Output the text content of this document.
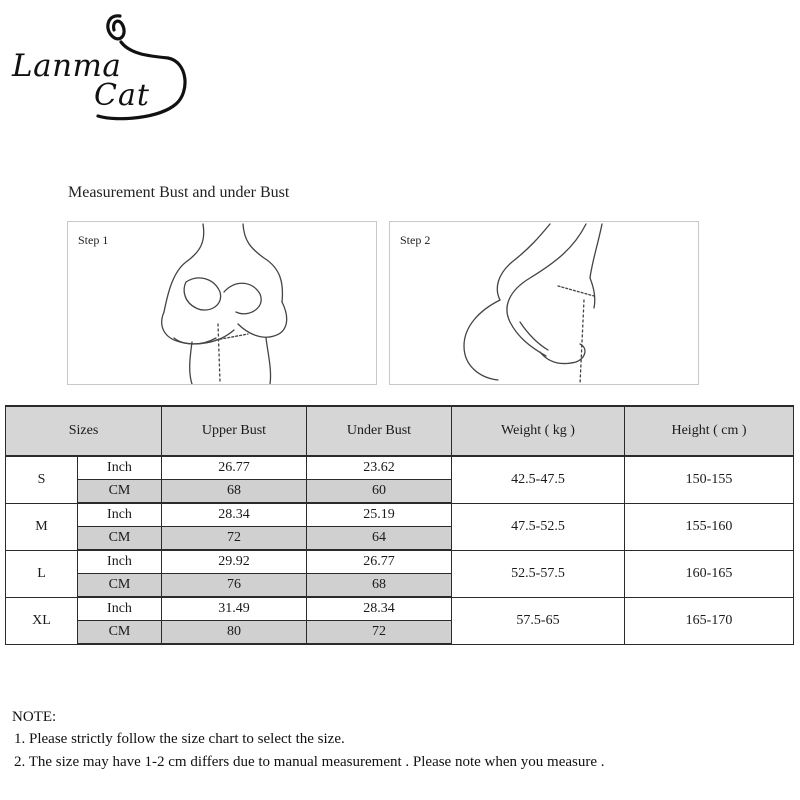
Lanma
Cat
Measurement Bust and under Bust
Step 1	Step 2
Sizes		Upper Bust	Under Bust	Weight ( kg )	Height ( cm )
S	Inch	26.77	23.62	42.5-47.5	150-155
	CM	68	60		
M	Inch	28.34	25.19	47.5-52.5	155-160
	CM	72	64		
L	Inch	29.92	26.77	52.5-57.5	160-165
	CM	76	68		
XL	Inch	31.49	28.34	57.5-65	165-170
	CM	80	72		
NOTE:
1. Please strictly follow the size chart to select the size.
2. The size may have 1-2 cm differs due to manual measurement . Please note when you measure .
